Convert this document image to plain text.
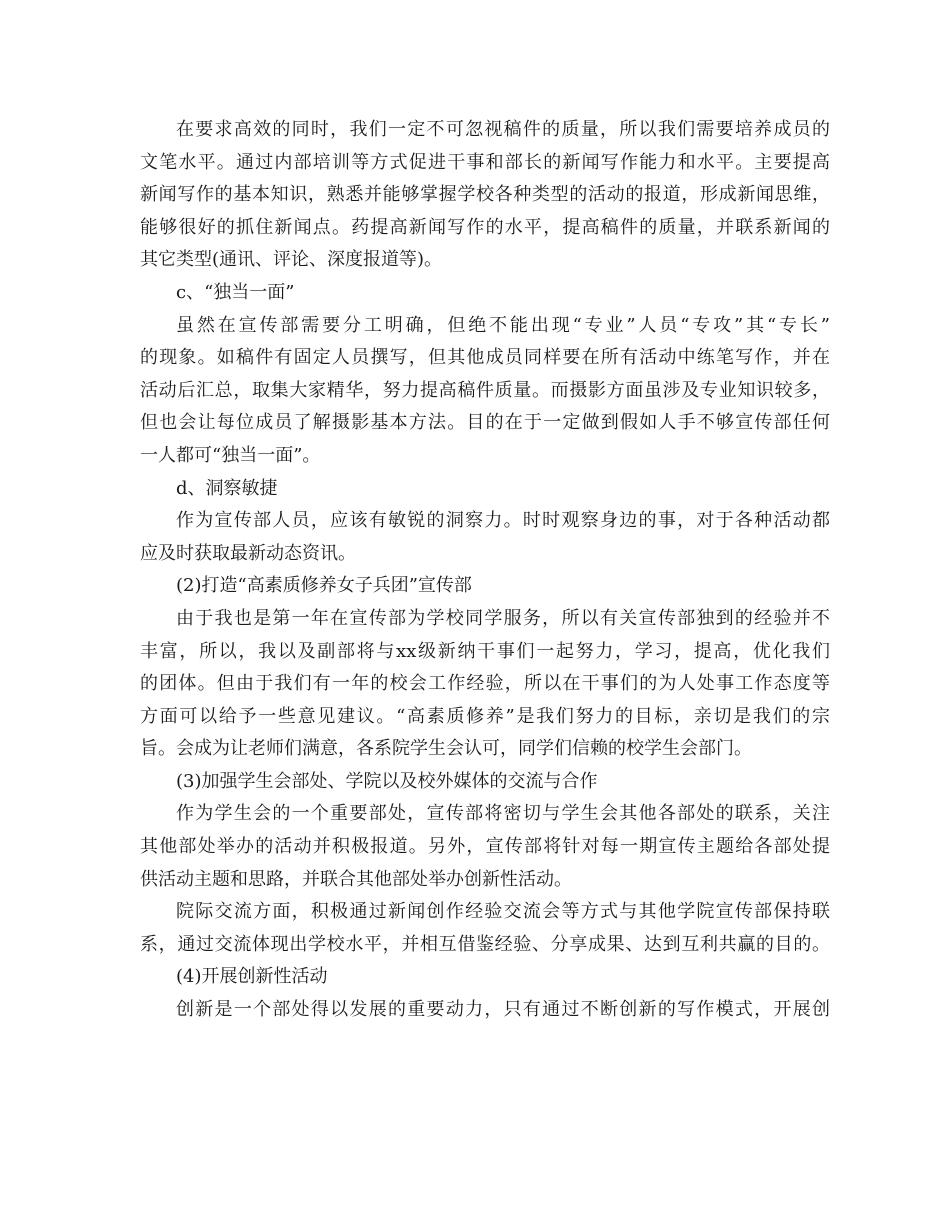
在要求高效的同时，我们一定不可忽视稿件的质量，所以我们需要培养成员的
文笔水平。通过内部培训等方式促进干事和部长的新闻写作能力和水平。主要提高
新闻写作的基本知识，熟悉并能够掌握学校各种类型的活动的报道，形成新闻思维，
能够很好的抓住新闻点。药提高新闻写作的水平，提高稿件的质量，并联系新闻的
其它类型(通讯、评论、深度报道等)。
c、“独当一面”
虽然在宣传部需要分工明确，但绝不能出现“专业”人员“专攻”其“专长”
的现象。如稿件有固定人员撰写，但其他成员同样要在所有活动中练笔写作，并在
活动后汇总，取集大家精华，努力提高稿件质量。而摄影方面虽涉及专业知识较多，
但也会让每位成员了解摄影基本方法。目的在于一定做到假如人手不够宣传部任何
一人都可“独当一面”。
d、洞察敏捷
作为宣传部人员，应该有敏锐的洞察力。时时观察身边的事，对于各种活动都
应及时获取最新动态资讯。
(2)打造“高素质修养女子兵团”宣传部
由于我也是第一年在宣传部为学校同学服务，所以有关宣传部独到的经验并不
丰富，所以，我以及副部将与xx级新纳干事们一起努力，学习，提高，优化我们
的团体。但由于我们有一年的校会工作经验，所以在干事们的为人处事工作态度等
方面可以给予一些意见建议。“高素质修养”是我们努力的目标，亲切是我们的宗
旨。会成为让老师们满意，各系院学生会认可，同学们信赖的校学生会部门。
(3)加强学生会部处、学院以及校外媒体的交流与合作
作为学生会的一个重要部处，宣传部将密切与学生会其他各部处的联系，关注
其他部处举办的活动并积极报道。另外，宣传部将针对每一期宣传主题给各部处提
供活动主题和思路，并联合其他部处举办创新性活动。
院际交流方面，积极通过新闻创作经验交流会等方式与其他学院宣传部保持联
系，通过交流体现出学校水平，并相互借鉴经验、分享成果、达到互利共赢的目的。
(4)开展创新性活动
创新是一个部处得以发展的重要动力，只有通过不断创新的写作模式，开展创
